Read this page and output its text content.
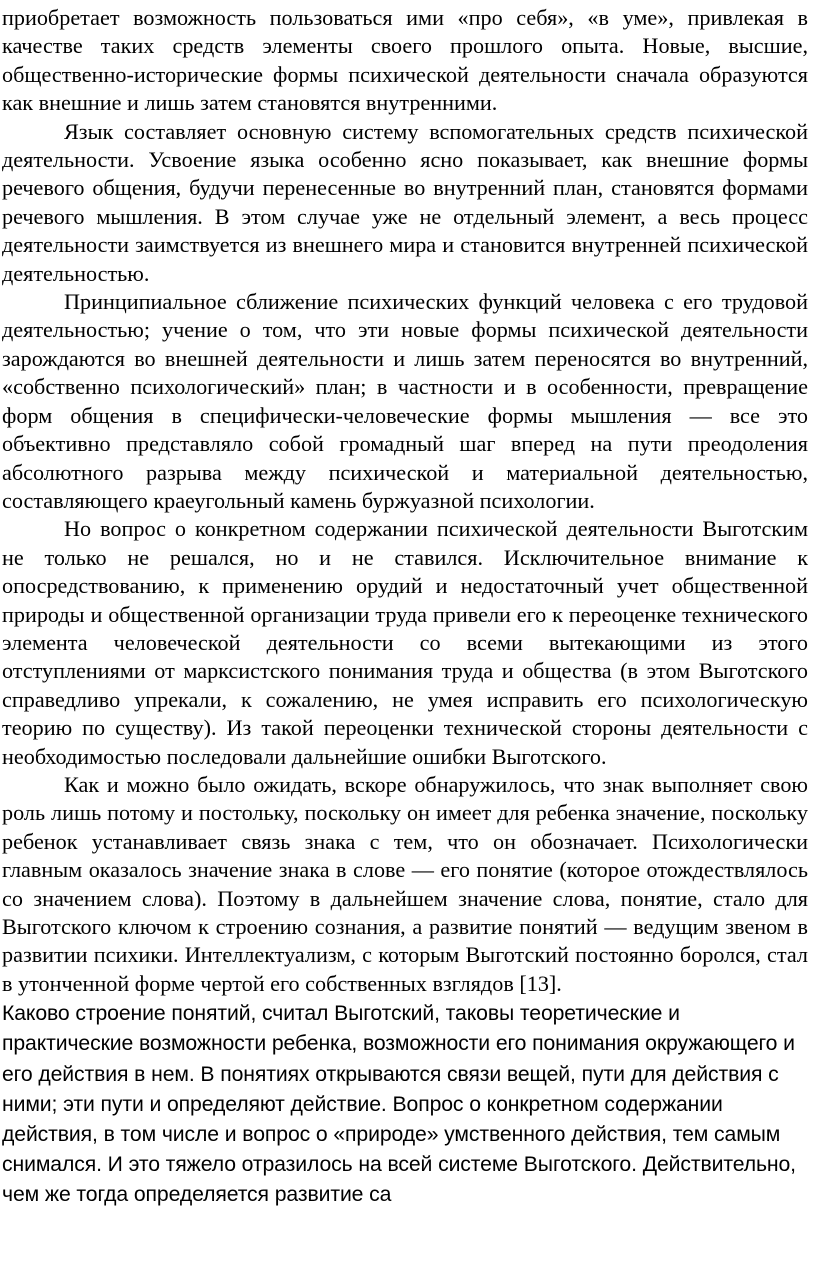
приобретает возможность пользоваться ими «про себя», «в уме», привлекая в качестве таких средств элементы своего прошлого опыта. Новые, высшие, общественно-исторические формы психической деятельности сначала образуются как внешние и лишь затем становятся внутренними.

Язык составляет основную систему вспомогательных средств психической деятельности. Усвоение языка особенно ясно показывает, как внешние формы речевого общения, будучи перенесенные во внутренний план, становятся формами речевого мышления. В этом случае уже не отдельный элемент, а весь процесс деятельности заимствуется из внешнего мира и становится внутренней психической деятельностью.

Принципиальное сближение психических функций человека с его трудовой деятельностью; учение о том, что эти новые формы психической деятельности зарождаются во внешней деятельности и лишь затем переносятся во внутренний, «собственно психологический» план; в частности и в особенности, превращение форм общения в специфически-человеческие формы мышления — все это объективно представляло собой громадный шаг вперед на пути преодоления абсолютного разрыва между психической и материальной деятельностью, составляющего краеугольный камень буржуазной психологии.

Но вопрос о конкретном содержании психической деятельности Выготским не только не решался, но и не ставился. Исключительное внимание к опосредствованию, к применению орудий и недостаточный учет общественной природы и общественной организации труда привели его к переоценке технического элемента человеческой деятельности со всеми вытекающими из этого отступлениями от марксистского понимания труда и общества (в этом Выготского справедливо упрекали, к сожалению, не умея исправить его психологическую теорию по существу). Из такой переоценки технической стороны деятельности с необходимостью последовали дальнейшие ошибки Выготского.

Как и можно было ожидать, вскоре обнаружилось, что знак выполняет свою роль лишь потому и постольку, поскольку он имеет для ребенка значение, поскольку ребенок устанавливает связь знака с тем, что он обозначает. Психологически главным оказалось значение знака в слове — его понятие (которое отождествлялось со значением слова). Поэтому в дальнейшем значение слова, понятие, стало для Выготского ключом к строению сознания, а развитие понятий — ведущим звеном в развитии психики. Интеллектуализм, с которым Выготский постоянно боролся, стал в утонченной форме чертой его собственных взглядов [13].

Каково строение понятий, считал Выготский, таковы теоретические и практические возможности ребенка, возможности его понимания окружающего и его действия в нем. В понятиях открываются связи вещей, пути для действия с ними; эти пути и определяют действие. Вопрос о конкретном содержании действия, в том числе и вопрос о «природе» умственного действия, тем самым снимался. И это тяжело отразилось на всей системе Выготского. Действительно, чем же тогда определяется развитие са
